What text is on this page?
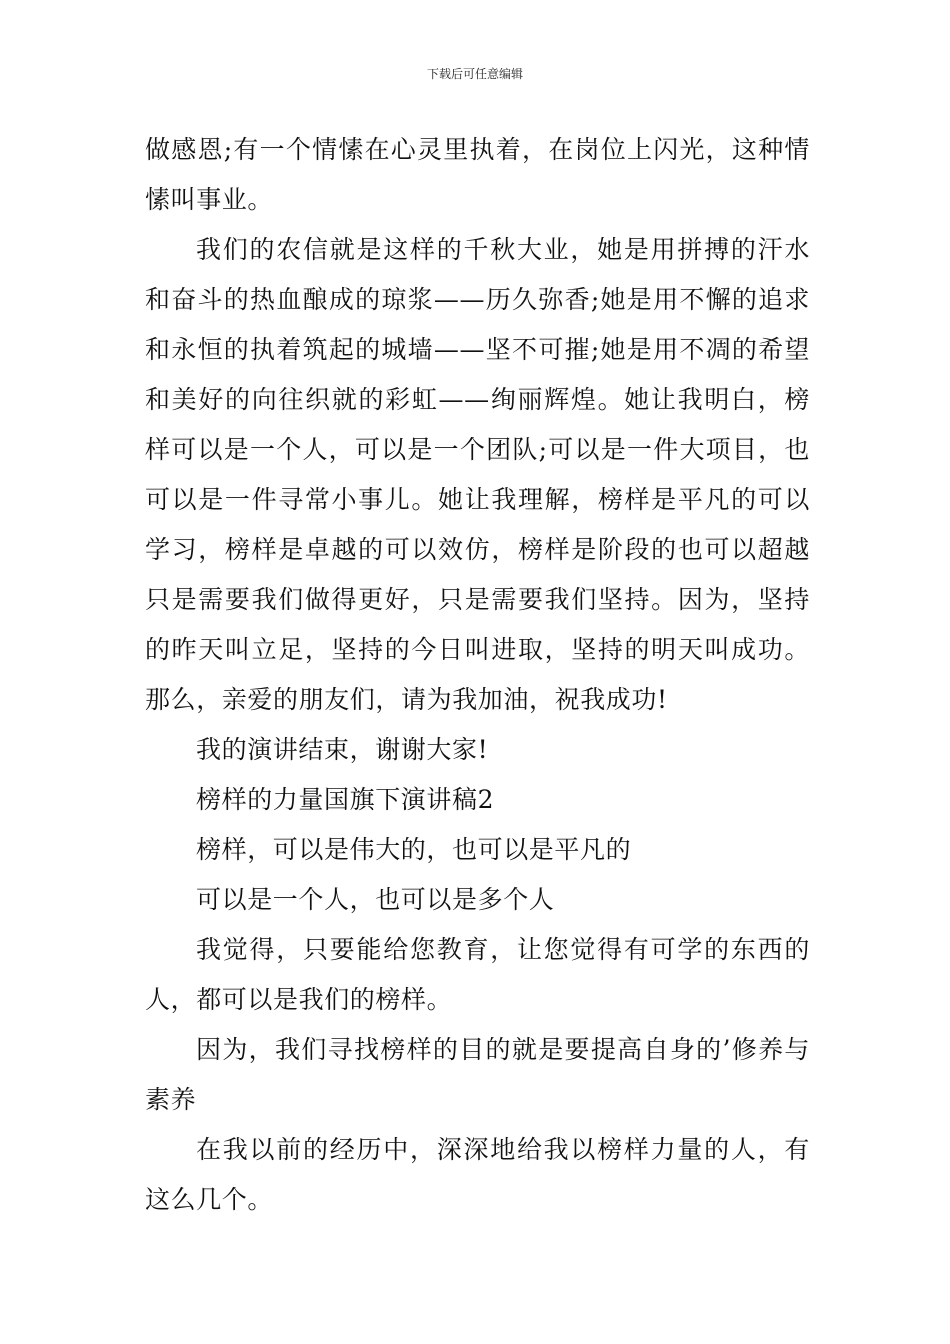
下载后可任意编辑

做感恩;有一个情愫在心灵里执着，在岗位上闪光，这种情愫叫事业。

我们的农信就是这样的千秋大业，她是用拼搏的汗水和奋斗的热血酿成的琼浆——历久弥香;她是用不懈的追求和永恒的执着筑起的城墙——坚不可摧;她是用不凋的希望和美好的向往织就的彩虹——绚丽辉煌。她让我明白，榜样可以是一个人，可以是一个团队;可以是一件大项目，也可以是一件寻常小事儿。她让我理解，榜样是平凡的可以学习，榜样是卓越的可以效仿，榜样是阶段的也可以超越只是需要我们做得更好，只是需要我们坚持。因为，坚持的昨天叫立足，坚持的今日叫进取，坚持的明天叫成功。那么，亲爱的朋友们，请为我加油，祝我成功!

我的演讲结束，谢谢大家!

榜样的力量国旗下演讲稿2

榜样，可以是伟大的，也可以是平凡的

可以是一个人，也可以是多个人

我觉得，只要能给您教育，让您觉得有可学的东西的人，都可以是我们的榜样。

因为，我们寻找榜样的目的就是要提高自身的’修养与素养

在我以前的经历中，深深地给我以榜样力量的人，有这么几个。
